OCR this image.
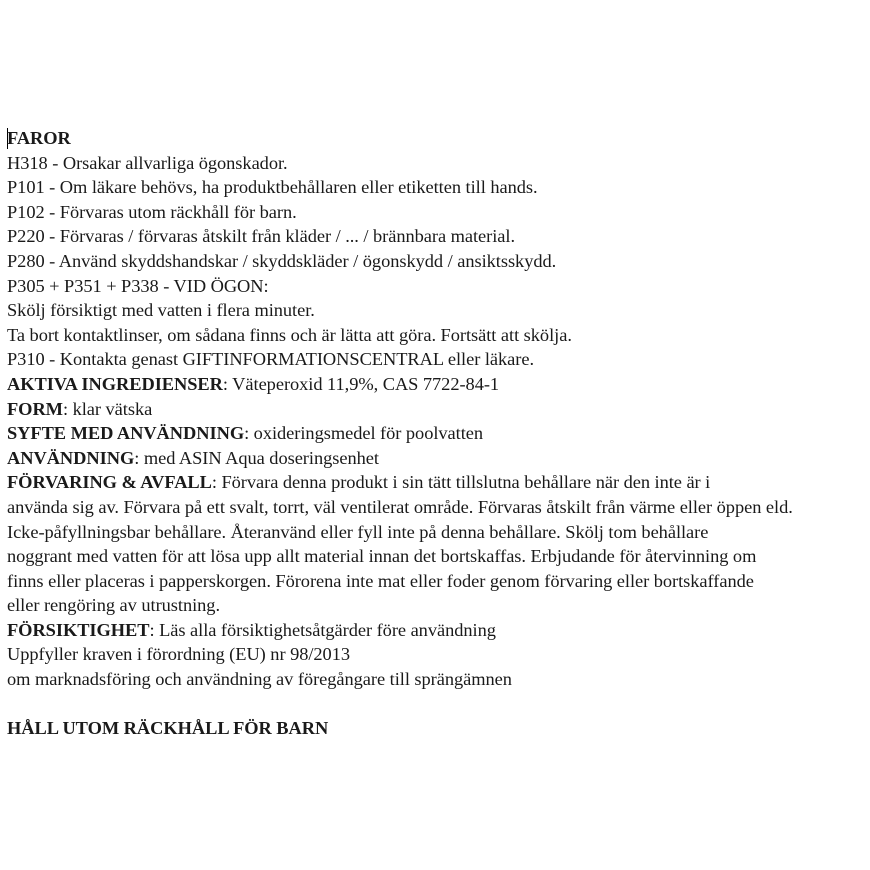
FAROR
H318 - Orsakar allvarliga ögonskador.
P101 - Om läkare behövs, ha produktbehållaren eller etiketten till hands.
P102 - Förvaras utom räckhåll för barn.
P220 - Förvaras / förvaras åtskilt från kläder / ... / brännbara material.
P280 - Använd skyddshandskar / skyddskläder / ögonskydd / ansiktsskydd.
P305 + P351 + P338 - VID ÖGON:
Skölj försiktigt med vatten i flera minuter.
Ta bort kontaktlinser, om sådana finns och är lätta att göra. Fortsätt att skölja.
P310 - Kontakta genast GIFTINFORMATIONSCENTRAL eller läkare.
AKTIVA INGREDIENSER: Väteperoxid 11,9%, CAS 7722-84-1
FORM: klar vätska
SYFTE MED ANVÄNDNING: oxideringsmedel för poolvatten
ANVÄNDNING: med ASIN Aqua doseringsenhet
FÖRVARING & AVFALL: Förvara denna produkt i sin tätt tillslutna behållare när den inte är i
använda sig av. Förvara på ett svalt, torrt, väl ventilerat område. Förvaras åtskilt från värme eller öppen eld.
Icke-påfyllningsbar behållare. Återanvänd eller fyll inte på denna behållare. Skölj tom behållare
noggrant med vatten för att lösa upp allt material innan det bortskaffas. Erbjudande för återvinning om
finns eller placeras i papperskorgen. Förorena inte mat eller foder genom förvaring eller bortskaffande
eller rengöring av utrustning.
FÖRSIKTIGHET: Läs alla försiktighetsåtgärder före användning
Uppfyller kraven i förordning (EU) nr 98/2013
om marknadsföring och användning av föregångare till sprängämnen
HÅLL UTOM RÄCKHÅLL FÖR BARN
